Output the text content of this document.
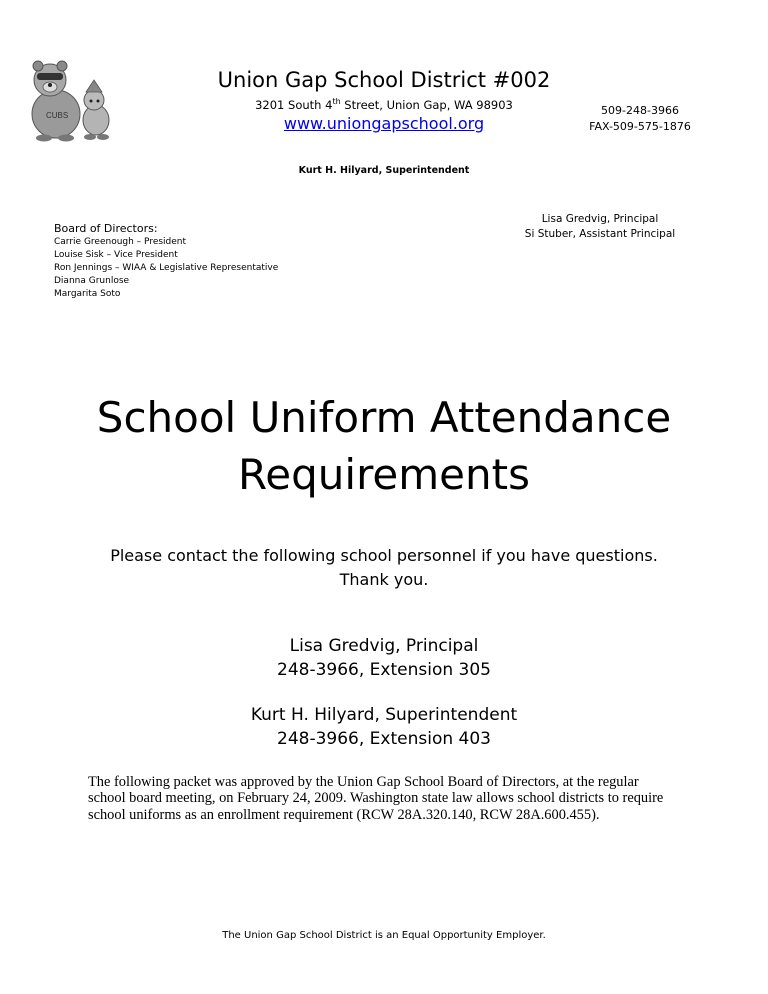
CUBS
Union Gap School District #002
3201 South 4th Street, Union Gap, WA 98903
www.uniongapschool.org
509-248-3966
FAX-509-575-1876
Kurt H. Hilyard, Superintendent
Board of Directors:
Carrie Greenough – President
Louise Sisk – Vice President
Ron Jennings – WIAA & Legislative Representative
Dianna Grunlose
Margarita Soto
Lisa Gredvig, Principal
Si Stuber, Assistant Principal
School Uniform Attendance
Requirements
Please contact the following school personnel if you have questions.
Thank you.
Lisa Gredvig, Principal
248-3966, Extension 305
Kurt H. Hilyard, Superintendent
248-3966, Extension 403
The following packet was approved by the Union Gap School Board of Directors, at the regular school board meeting, on February 24, 2009. Washington state law allows school districts to require school uniforms as an enrollment requirement (RCW 28A.320.140, RCW 28A.600.455).
The Union Gap School District is an Equal Opportunity Employer.
